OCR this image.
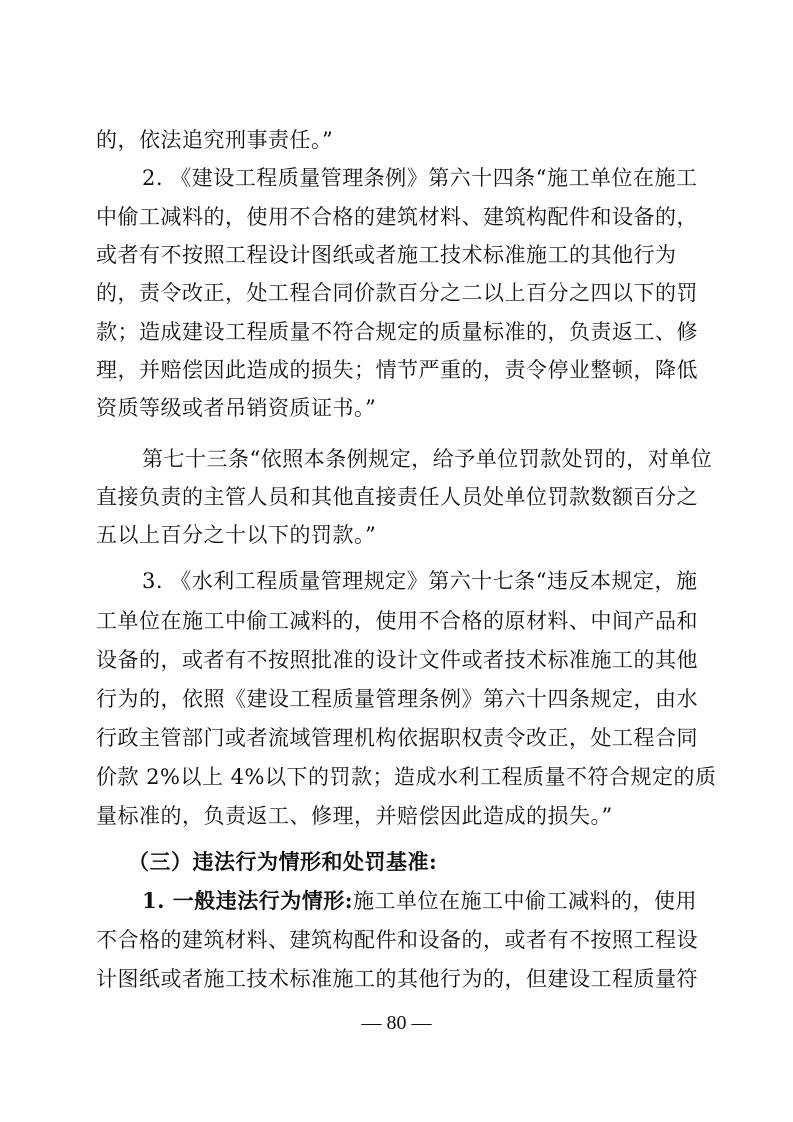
的，依法追究刑事责任。”
2. 《建设工程质量管理条例》第六十四条“施工单位在施工
中偷工减料的，使用不合格的建筑材料、建筑构配件和设备的，
或者有不按照工程设计图纸或者施工技术标准施工的其他行为
的，责令改正，处工程合同价款百分之二以上百分之四以下的罚
款；造成建设工程质量不符合规定的质量标准的，负责返工、修
理，并赔偿因此造成的损失；情节严重的，责令停业整顿，降低
资质等级或者吊销资质证书。”
第七十三条“依照本条例规定，给予单位罚款处罚的，对单位
直接负责的主管人员和其他直接责任人员处单位罚款数额百分之
五以上百分之十以下的罚款。”
3. 《水利工程质量管理规定》第六十七条“违反本规定，施
工单位在施工中偷工减料的，使用不合格的原材料、中间产品和
设备的，或者有不按照批准的设计文件或者技术标准施工的其他
行为的，依照《建设工程质量管理条例》第六十四条规定，由水
行政主管部门或者流域管理机构依据职权责令改正，处工程合同
价款 2%以上 4%以下的罚款；造成水利工程质量不符合规定的质
量标准的，负责返工、修理，并赔偿因此造成的损失。”
（三）违法行为情形和处罚基准:
1. 一般违法行为情形:施工单位在施工中偷工减料的，使用
不合格的建筑材料、建筑构配件和设备的，或者有不按照工程设
计图纸或者施工技术标准施工的其他行为的，但建设工程质量符
— 80 —
